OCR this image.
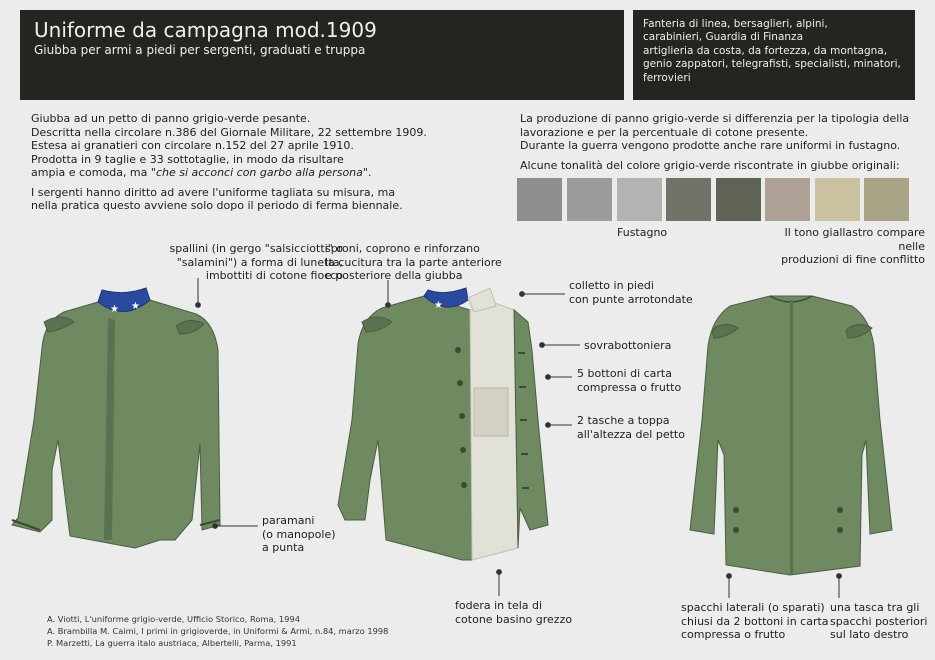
Uniforme da campagna mod.1909
Giubba per armi a piedi per sergenti, graduati e truppa
Fanteria di linea, bersaglieri, alpini,
carabinieri, Guardia di Finanza
artiglieria da costa, da fortezza, da montagna,
genio zappatori, telegrafisti, specialisti, minatori,
ferrovieri
Giubba ad un petto di panno grigio-verde pesante.
Descritta nella circolare n.386 del Giornale Militare, 22 settembre 1909.
Estesa ai granatieri con circolare n.152 del 27 aprile 1910.
Prodotta in 9 taglie e 33 sottotaglie, in modo da risultare
ampia e comoda, ma "che si acconci con garbo alla persona".
I sergenti hanno diritto ad avere l'uniforme tagliata su misura, ma
nella pratica questo avviene solo dopo il periodo di ferma biennale.
La produzione di panno grigio-verde si differenzia per la tipologia della
lavorazione e per la percentuale di cotone presente.
Durante la guerra vengono prodotte anche rare uniformi in fustagno.
Alcune tonalità del colore grigio-verde riscontrate in giubbe originali:
Fustagno	Il tono giallastro compare nelle
produzioni di fine conflitto
★ ★	★
spallini (in gergo "salsicciotti" o
"salamini") a forma di lunetta,
imbottiti di cotone fiocco
sproni, coprono e rinforzano
la cucitura tra la parte anteriore
e posteriore della giubba
colletto in piedi
con punte arrotondate
sovrabottoniera
5 bottoni di carta
compressa o frutto
2 tasche a toppa
all'altezza del petto
paramani
(o manopole)
a punta
fodera in tela di
cotone basino grezzo
spacchi laterali (o sparati)
chiusi da 2 bottoni in carta
compressa o frutto
una tasca tra gli
spacchi posteriori
sul lato destro
A. Viotti, L'uniforme grigio-verde, Ufficio Storico, Roma, 1994
A. Brambilla M. Caimi, I primi in grigioverde, in Uniformi & Armi, n.84, marzo 1998
P. Marzetti, La guerra italo austriaca, Albertelli, Parma, 1991
